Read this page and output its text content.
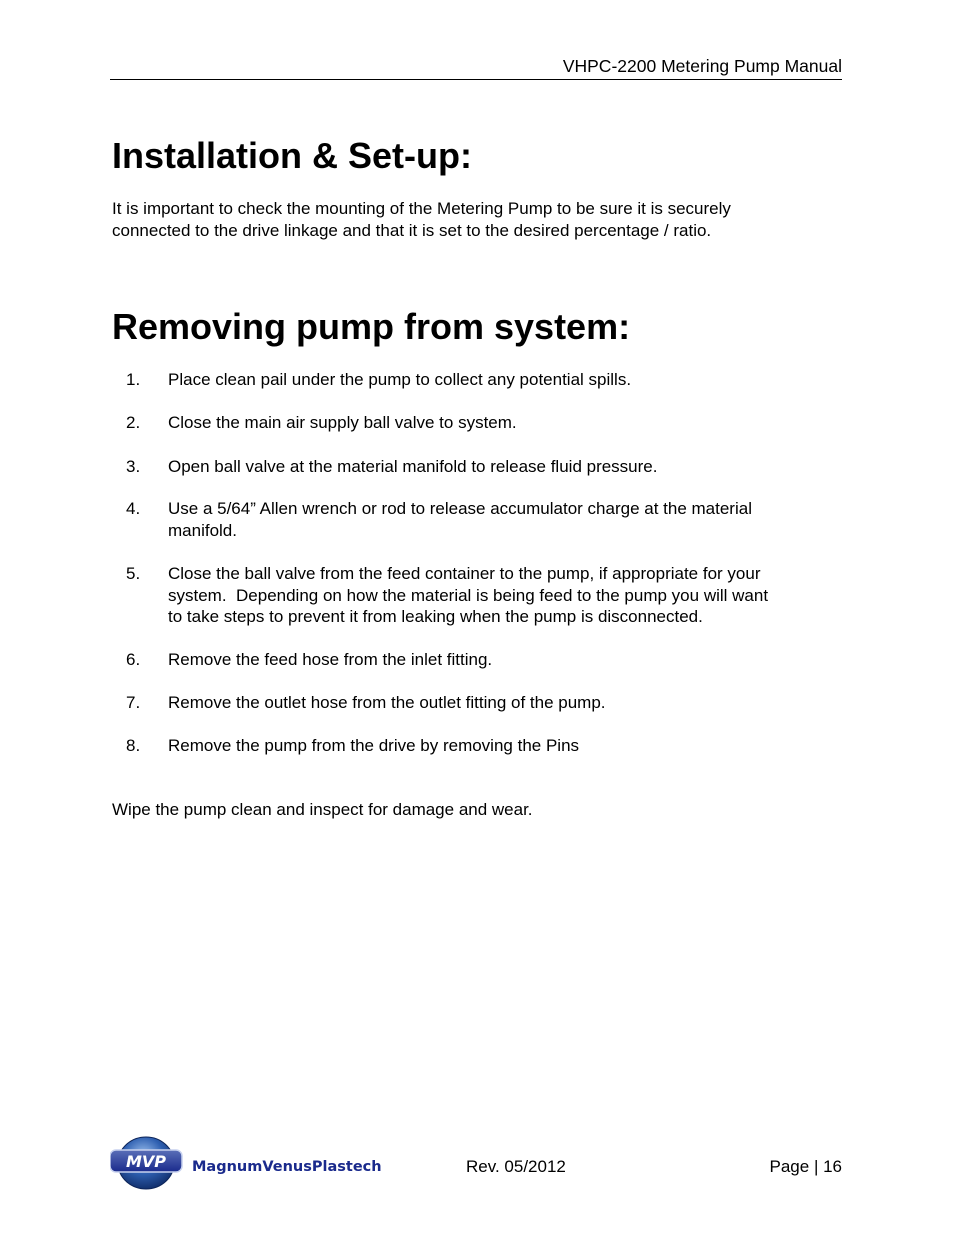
VHPC-2200 Metering Pump Manual
Installation & Set-up:

It is important to check the mounting of the Metering Pump to be sure it is securely
connected to the drive linkage and that it is set to the desired percentage / ratio.

Removing pump from system:
1. Place clean pail under the pump to collect any potential spills.
2. Close the main air supply ball valve to system.
3. Open ball valve at the material manifold to release fluid pressure.
4. Use a 5/64” Allen wrench or rod to release accumulator charge at the material
manifold.
5. Close the ball valve from the feed container to the pump, if appropriate for your
system.  Depending on how the material is being feed to the pump you will want
to take steps to prevent it from leaking when the pump is disconnected.
6. Remove the feed hose from the inlet fitting.
7. Remove the outlet hose from the outlet fitting of the pump.
8. Remove the pump from the drive by removing the Pins

Wipe the pump clean and inspect for damage and wear.

MVP MagnumVenusPlastech	Rev. 05/2012	Page | 16
